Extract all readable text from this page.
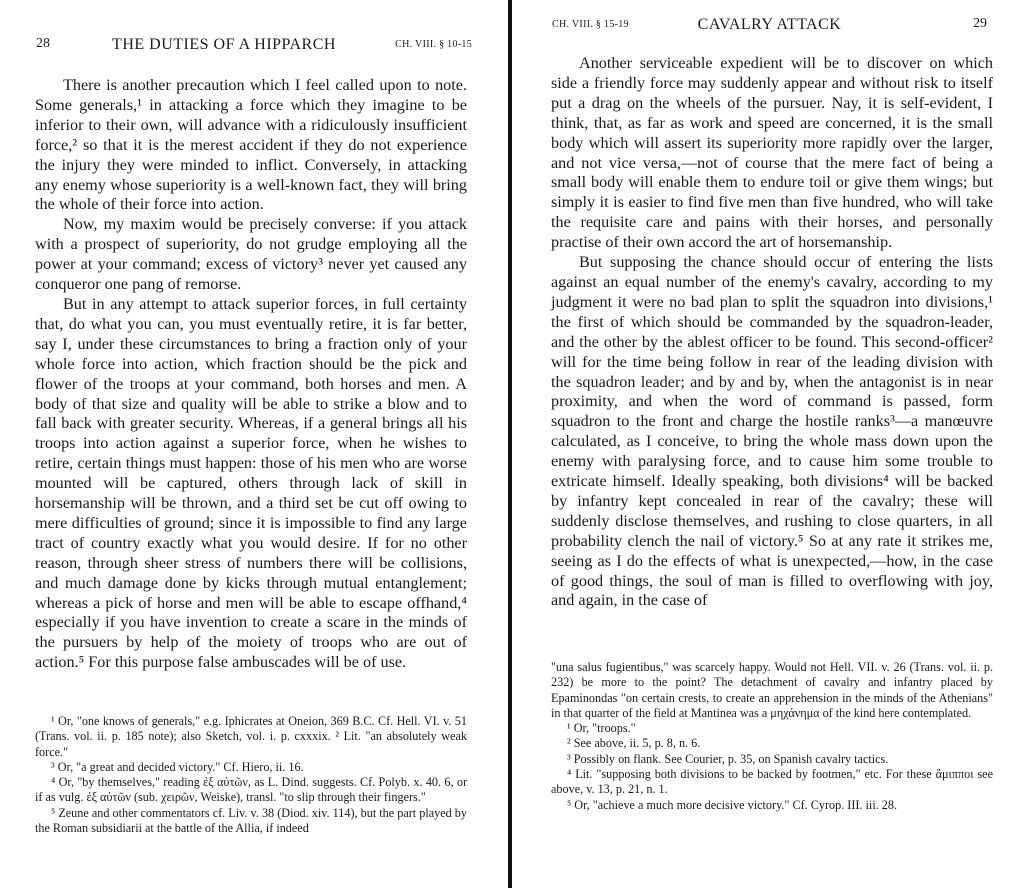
28	THE DUTIES OF A HIPPARCH	CH. VIII. § 10-15

There is another precaution which I feel called upon to note. Some generals,¹ in attacking a force which they imagine to be inferior to their own, will advance with a ridiculously insufficient force,² so that it is the merest accident if they do not experience the injury they were minded to inflict. Conversely, in attacking any enemy whose superiority is a well-known fact, they will bring the whole of their force into action.

Now, my maxim would be precisely converse: if you attack with a prospect of superiority, do not grudge employing all the power at your command; excess of victory³ never yet caused any conqueror one pang of remorse.

But in any attempt to attack superior forces, in full certainty that, do what you can, you must eventually retire, it is far better, say I, under these circumstances to bring a fraction only of your whole force into action, which fraction should be the pick and flower of the troops at your command, both horses and men. A body of that size and quality will be able to strike a blow and to fall back with greater security. Whereas, if a general brings all his troops into action against a superior force, when he wishes to retire, certain things must happen: those of his men who are worse mounted will be captured, others through lack of skill in horsemanship will be thrown, and a third set be cut off owing to mere difficulties of ground; since it is impossible to find any large tract of country exactly what you would desire. If for no other reason, through sheer stress of numbers there will be collisions, and much damage done by kicks through mutual entanglement; whereas a pick of horse and men will be able to escape offhand,⁴ especially if you have invention to create a scare in the minds of the pursuers by help of the moiety of troops who are out of action.⁵ For this purpose false ambuscades will be of use.

¹ Or, "one knows of generals," e.g. Iphicrates at Oneion, 369 B.C. Cf. Hell. VI. v. 51 (Trans. vol. ii. p. 185 note); also Sketch, vol. i. p. cxxxix. ² Lit. "an absolutely weak force."

³ Or, "a great and decided victory." Cf. Hiero, ii. 16.

⁴ Or, "by themselves," reading ἐξ αὑτῶν, as L. Dind. suggests. Cf. Polyb. x. 40. 6, or if as vulg. ἐξ αὐτῶν (sub. χειρῶν, Weiske), transl. "to slip through their fingers."

⁵ Zeune and other commentators cf. Liv. v. 38 (Diod. xiv. 114), but the part played by the Roman subsidiarii at the battle of the Allia, if indeed

CH. VIII. § 15-19	CAVALRY ATTACK	29

Another serviceable expedient will be to discover on which side a friendly force may suddenly appear and without risk to itself put a drag on the wheels of the pursuer. Nay, it is self-evident, I think, that, as far as work and speed are concerned, it is the small body which will assert its superiority more rapidly over the larger, and not vice versa,—not of course that the mere fact of being a small body will enable them to endure toil or give them wings; but simply it is easier to find five men than five hundred, who will take the requisite care and pains with their horses, and personally practise of their own accord the art of horsemanship.

But supposing the chance should occur of entering the lists against an equal number of the enemy's cavalry, according to my judgment it were no bad plan to split the squadron into divisions,¹ the first of which should be commanded by the squadron-leader, and the other by the ablest officer to be found. This second-officer² will for the time being follow in rear of the leading division with the squadron leader; and by and by, when the antagonist is in near proximity, and when the word of command is passed, form squadron to the front and charge the hostile ranks³—a manœuvre calculated, as I conceive, to bring the whole mass down upon the enemy with paralysing force, and to cause him some trouble to extricate himself. Ideally speaking, both divisions⁴ will be backed by infantry kept concealed in rear of the cavalry; these will suddenly disclose themselves, and rushing to close quarters, in all probability clench the nail of victory.⁵ So at any rate it strikes me, seeing as I do the effects of what is unexpected,—how, in the case of good things, the soul of man is filled to overflowing with joy, and again, in the case of

"una salus fugientibus," was scarcely happy. Would not Hell. VII. v. 26 (Trans. vol. ii. p. 232) be more to the point? The detachment of cavalry and infantry placed by Epaminondas "on certain crests, to create an apprehension in the minds of the Athenians" in that quarter of the field at Mantinea was a μηχάνημα of the kind here contemplated.

¹ Or, "troops."

² See above, ii. 5, p. 8, n. 6.

³ Possibly on flank. See Courier, p. 35, on Spanish cavalry tactics.

⁴ Lit. "supposing both divisions to be backed by footmen," etc. For these ἅμιπποι see above, v. 13, p. 21, n. 1.

⁵ Or, "achieve a much more decisive victory." Cf. Cyrop. III. iii. 28.
